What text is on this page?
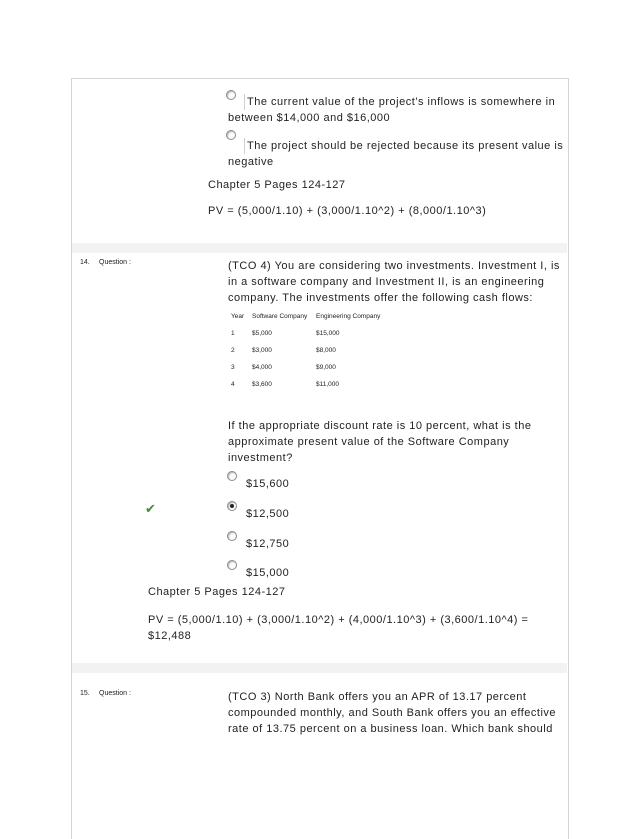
The current value of the project’s inflows is somewhere in
between $14,000 and $16,000
The project should be rejected because its present value is
negative
Chapter 5 Pages 124-127
PV = (5,000/1.10) + (3,000/1.10^2) + (8,000/1.10^3)
14. Question :	(TCO 4) You are considering two investments. Investment I, is
in a software company and Investment II, is an engineering
company. The investments offer the following cash flows:
Year	Software Company	Engineering Company
1	$5,000	$15,000
2	$3,000	$8,000
3	$4,000	$9,000
4	$3,600	$11,000
If the appropriate discount rate is 10 percent, what is the
approximate present value of the Software Company
investment?
$15,600
✔	$12,500
$12,750
$15,000
Chapter 5 Pages 124-127
PV = (5,000/1.10) + (3,000/1.10^2) + (4,000/1.10^3) + (3,600/1.10^4) =
$12,488
15. Question :	(TCO 3) North Bank offers you an APR of 13.17 percent
compounded monthly, and South Bank offers you an effective
rate of 13.75 percent on a business loan. Which bank should
